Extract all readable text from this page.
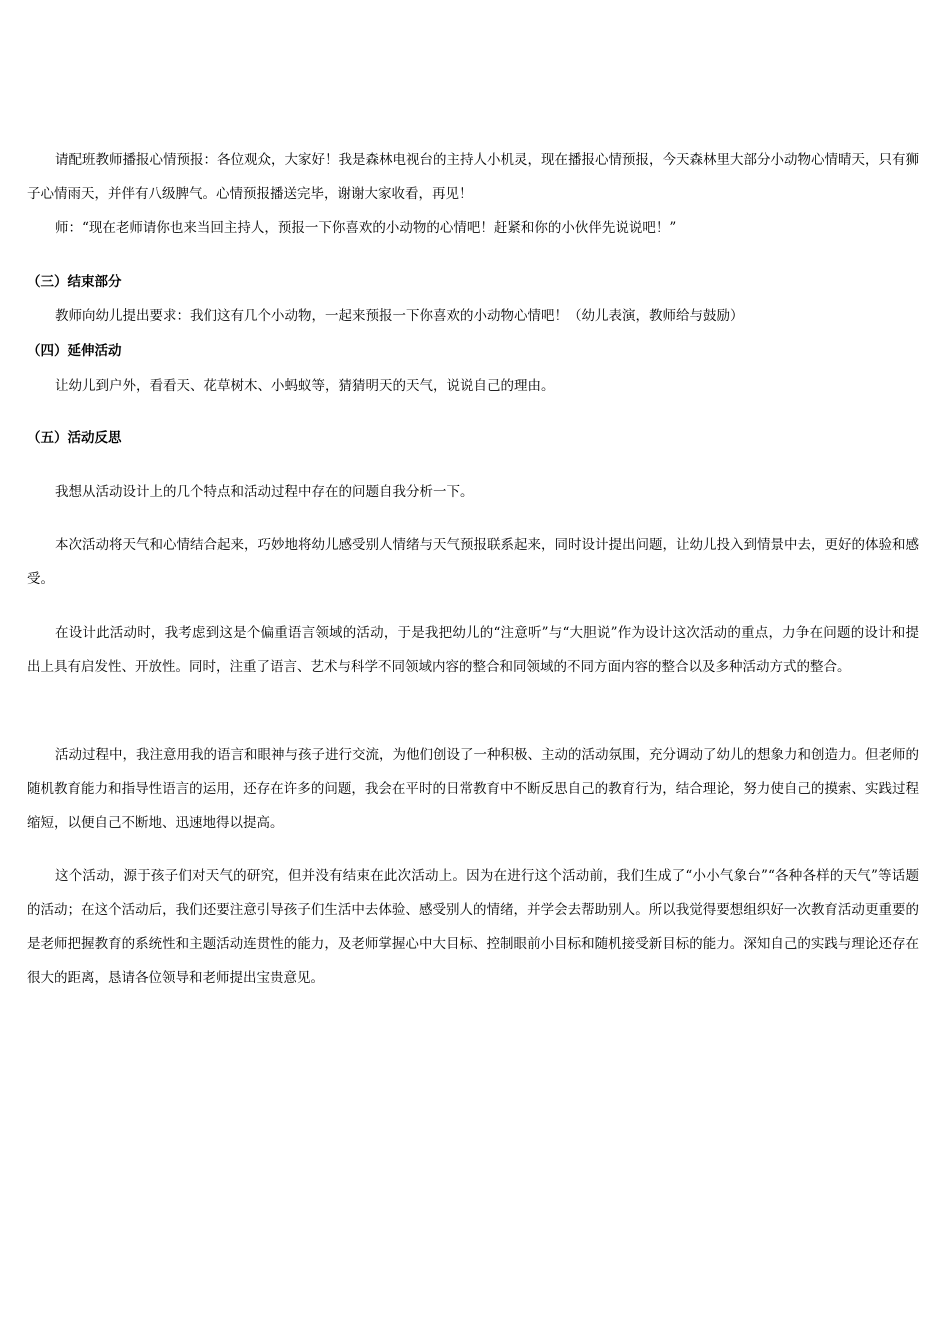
请配班教师播报心情预报：各位观众，大家好！我是森林电视台的主持人小机灵，现在播报心情预报，今天森林里大部分小动物心情晴天，只有狮子心情雨天，并伴有八级脾气。心情预报播送完毕，谢谢大家收看，再见！

师：“现在老师请你也来当回主持人，预报一下你喜欢的小动物的心情吧！赶紧和你的小伙伴先说说吧！”

（三）结束部分

教师向幼儿提出要求：我们这有几个小动物，一起来预报一下你喜欢的小动物心情吧！（幼儿表演，教师给与鼓励）

（四）延伸活动

让幼儿到户外，看看天、花草树木、小蚂蚁等，猜猜明天的天气，说说自己的理由。

（五）活动反思

我想从活动设计上的几个特点和活动过程中存在的问题自我分析一下。

本次活动将天气和心情结合起来，巧妙地将幼儿感受别人情绪与天气预报联系起来，同时设计提出问题，让幼儿投入到情景中去，更好的体验和感受。

在设计此活动时，我考虑到这是个偏重语言领域的活动，于是我把幼儿的“注意听”与“大胆说”作为设计这次活动的重点，力争在问题的设计和提出上具有启发性、开放性。同时，注重了语言、艺术与科学不同领域内容的整合和同领域的不同方面内容的整合以及多种活动方式的整合。

活动过程中，我注意用我的语言和眼神与孩子进行交流，为他们创设了一种积极、主动的活动氛围，充分调动了幼儿的想象力和创造力。但老师的随机教育能力和指导性语言的运用，还存在许多的问题，我会在平时的日常教育中不断反思自己的教育行为，结合理论，努力使自己的摸索、实践过程缩短，以便自己不断地、迅速地得以提高。

这个活动，源于孩子们对天气的研究，但并没有结束在此次活动上。因为在进行这个活动前，我们生成了“小小气象台”“各种各样的天气”等话题的活动；在这个活动后，我们还要注意引导孩子们生活中去体验、感受别人的情绪，并学会去帮助别人。所以我觉得要想组织好一次教育活动更重要的是老师把握教育的系统性和主题活动连贯性的能力，及老师掌握心中大目标、控制眼前小目标和随机接受新目标的能力。深知自己的实践与理论还存在很大的距离，恳请各位领导和老师提出宝贵意见。
